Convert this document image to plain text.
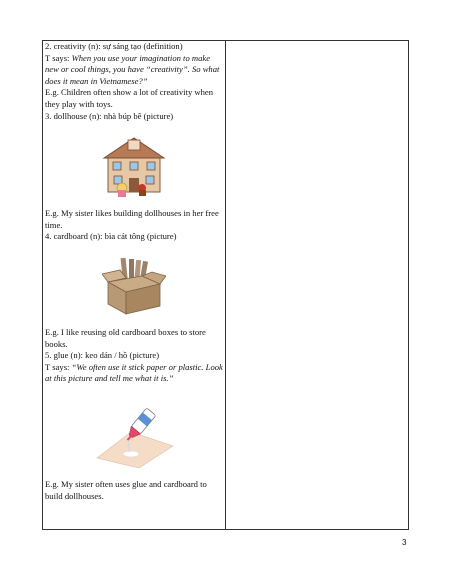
2. creativity (n): sự sáng tạo (definition)

T says: When you use your imagination to make new or cool things, you have “creativity”. So what does it mean in Vietnamese?”

E.g. Children often show a lot of creativity when they play with toys.

3. dollhouse (n): nhà búp bê (picture)

E.g. My sister likes building dollhouses in her free time.

4. cardboard (n): bìa cát tông (picture)

E.g. I like reusing old cardboard boxes to store books.

5. glue (n): keo dán / hồ (picture)

T says: “We often use it stick paper or plastic. Look at this picture and tell me what it is.”

E.g. My sister often uses glue and cardboard to build dollhouses.

3
